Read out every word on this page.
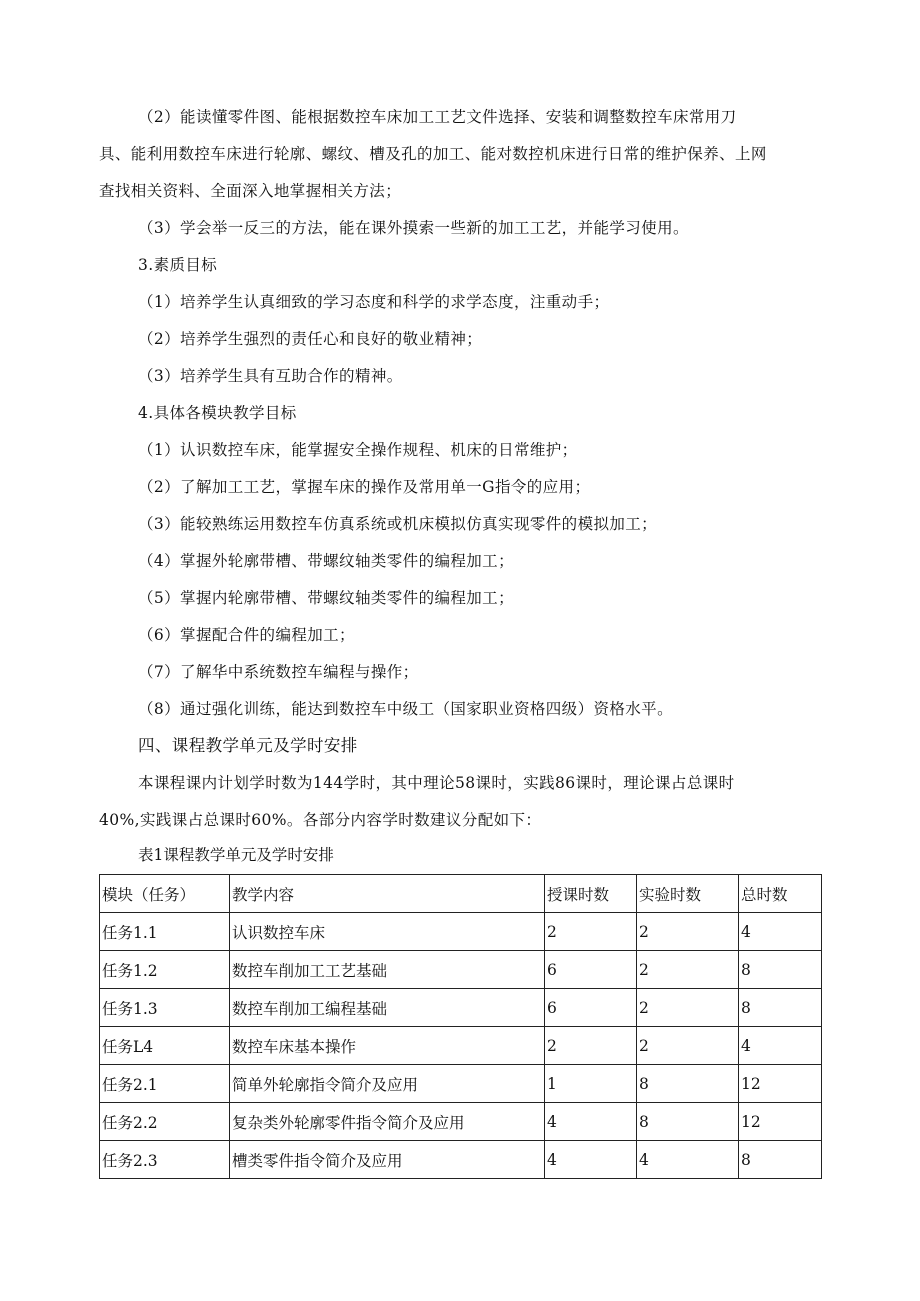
（2）能读懂零件图、能根据数控车床加工工艺文件选择、安装和调整数控车床常用刀
具、能利用数控车床进行轮廓、螺纹、槽及孔的加工、能对数控机床进行日常的维护保养、上网
查找相关资料、全面深入地掌握相关方法；
（3）学会举一反三的方法，能在课外摸索一些新的加工工艺，并能学习使用。
3.素质目标
（1）培养学生认真细致的学习态度和科学的求学态度，注重动手；
（2）培养学生强烈的责任心和良好的敬业精神；
（3）培养学生具有互助合作的精神。
4.具体各模块教学目标
（1）认识数控车床，能掌握安全操作规程、机床的日常维护；
（2）了解加工工艺，掌握车床的操作及常用单一G指令的应用；
（3）能较熟练运用数控车仿真系统或机床模拟仿真实现零件的模拟加工；
（4）掌握外轮廓带槽、带螺纹轴类零件的编程加工；
（5）掌握内轮廓带槽、带螺纹轴类零件的编程加工；
（6）掌握配合件的编程加工；
（7）了解华中系统数控车编程与操作；
（8）通过强化训练，能达到数控车中级工（国家职业资格四级）资格水平。
四、课程教学单元及学时安排
本课程课内计划学时数为144学时，其中理论58课时，实践86课时，理论课占总课时
40%,实践课占总课时60%。各部分内容学时数建议分配如下：
表1课程教学单元及学时安排
模块（任务）	教学内容	授课时数	实验时数	总时数
任务1.1	认识数控车床	2	2	4
任务1.2	数控车削加工工艺基础	6	2	8
任务1.3	数控车削加工编程基础	6	2	8
任务L4	数控车床基本操作	2	2	4
任务2.1	简单外轮廓指令简介及应用	1	8	12
任务2.2	复杂类外轮廓零件指令简介及应用	4	8	12
任务2.3	槽类零件指令简介及应用	4	4	8
